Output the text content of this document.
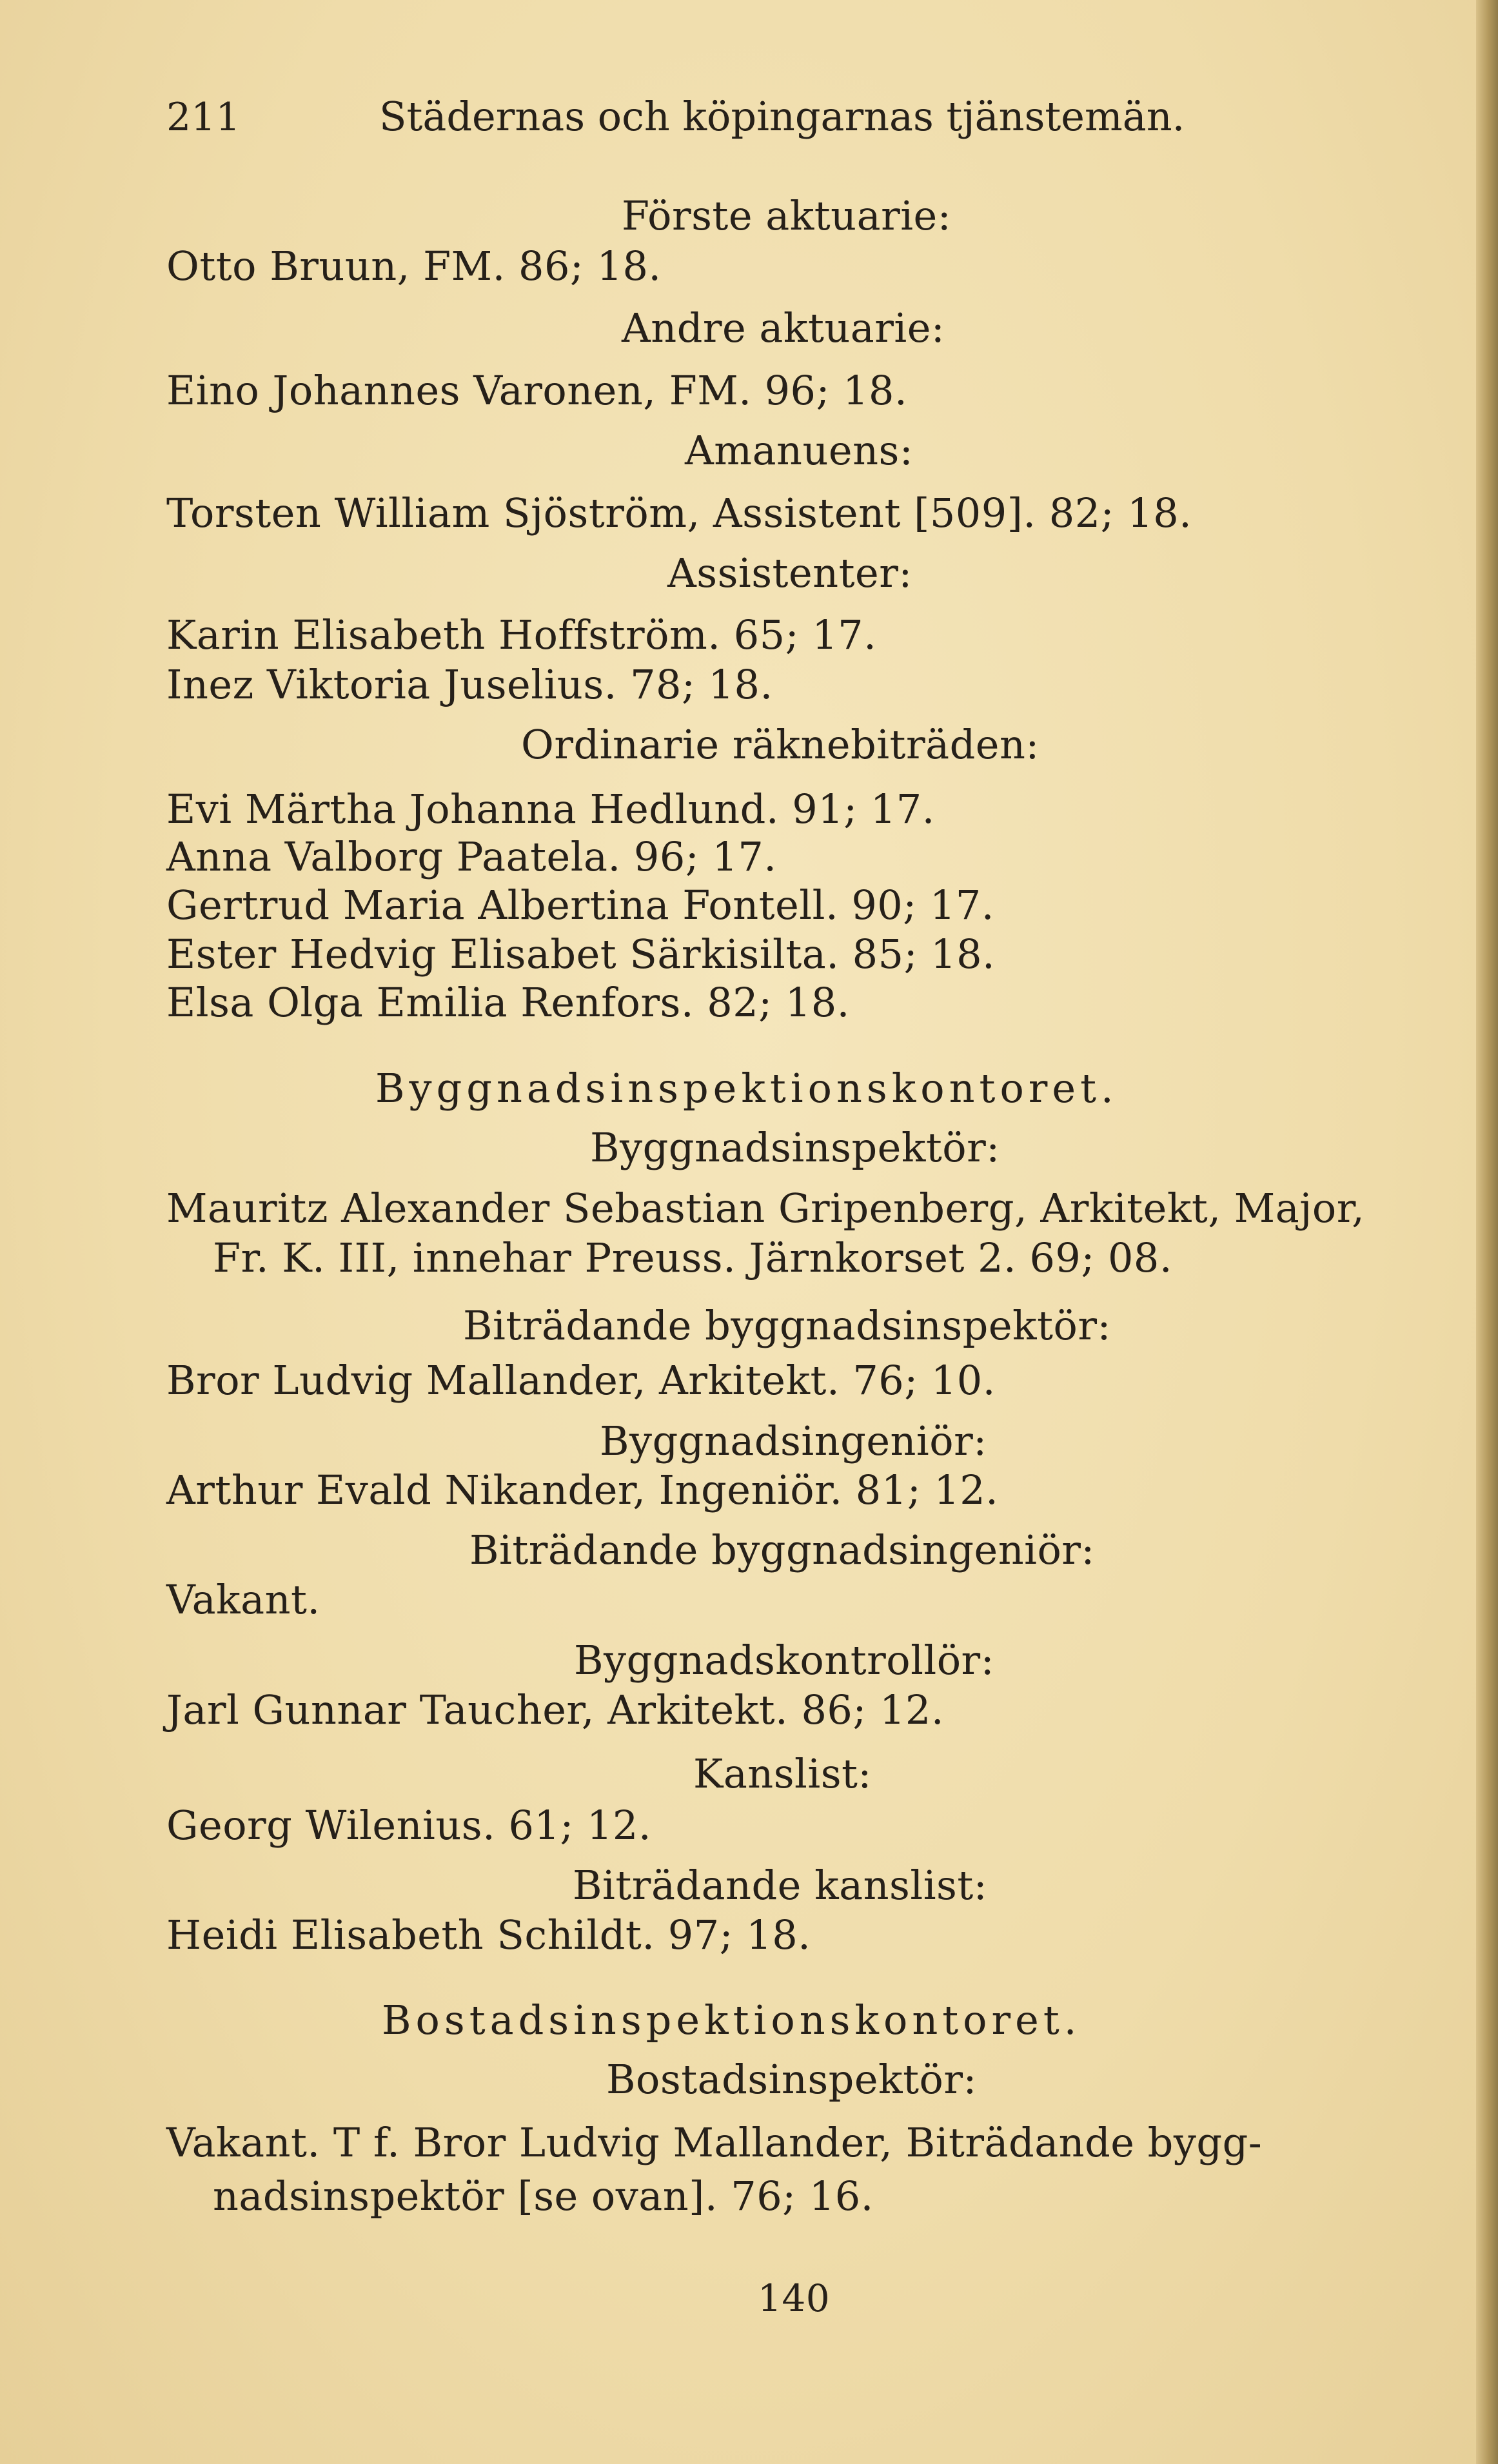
211	Städernas och köpingarnas tjänstemän.
Förste aktuarie:
Otto Bruun, FM. 86; 18.
Andre aktuarie:
Eino Johannes Varonen, FM. 96; 18.
Amanuens:
Torsten William Sjöström, Assistent [509]. 82; 18.
Assistenter:
Karin Elisabeth Hoffström. 65; 17.
Inez Viktoria Juselius. 78; 18.
Ordinarie räknebiträden:
Evi Märtha Johanna Hedlund. 91; 17.
Anna Valborg Paatela. 96; 17.
Gertrud Maria Albertina Fontell. 90; 17.
Ester Hedvig Elisabet Särkisilta. 85; 18.
Elsa Olga Emilia Renfors. 82; 18.
Byggnadsinspektionskontoret.
Byggnadsinspektör:
Mauritz Alexander Sebastian Gripenberg, Arkitekt, Major,
Fr. K. III, innehar Preuss. Järnkorset 2. 69; 08.
Biträdande byggnadsinspektör:
Bror Ludvig Mallander, Arkitekt. 76; 10.
Byggnadsingeniör:
Arthur Evald Nikander, Ingeniör. 81; 12.
Biträdande byggnadsingeniör:
Vakant.
Byggnadskontrollör:
Jarl Gunnar Taucher, Arkitekt. 86; 12.
Kanslist:
Georg Wilenius. 61; 12.
Biträdande kanslist:
Heidi Elisabeth Schildt. 97; 18.
Bostadsinspektionskontoret.
Bostadsinspektör:
Vakant. T f. Bror Ludvig Mallander, Biträdande bygg-
nadsinspektör [se ovan]. 76; 16.
140
